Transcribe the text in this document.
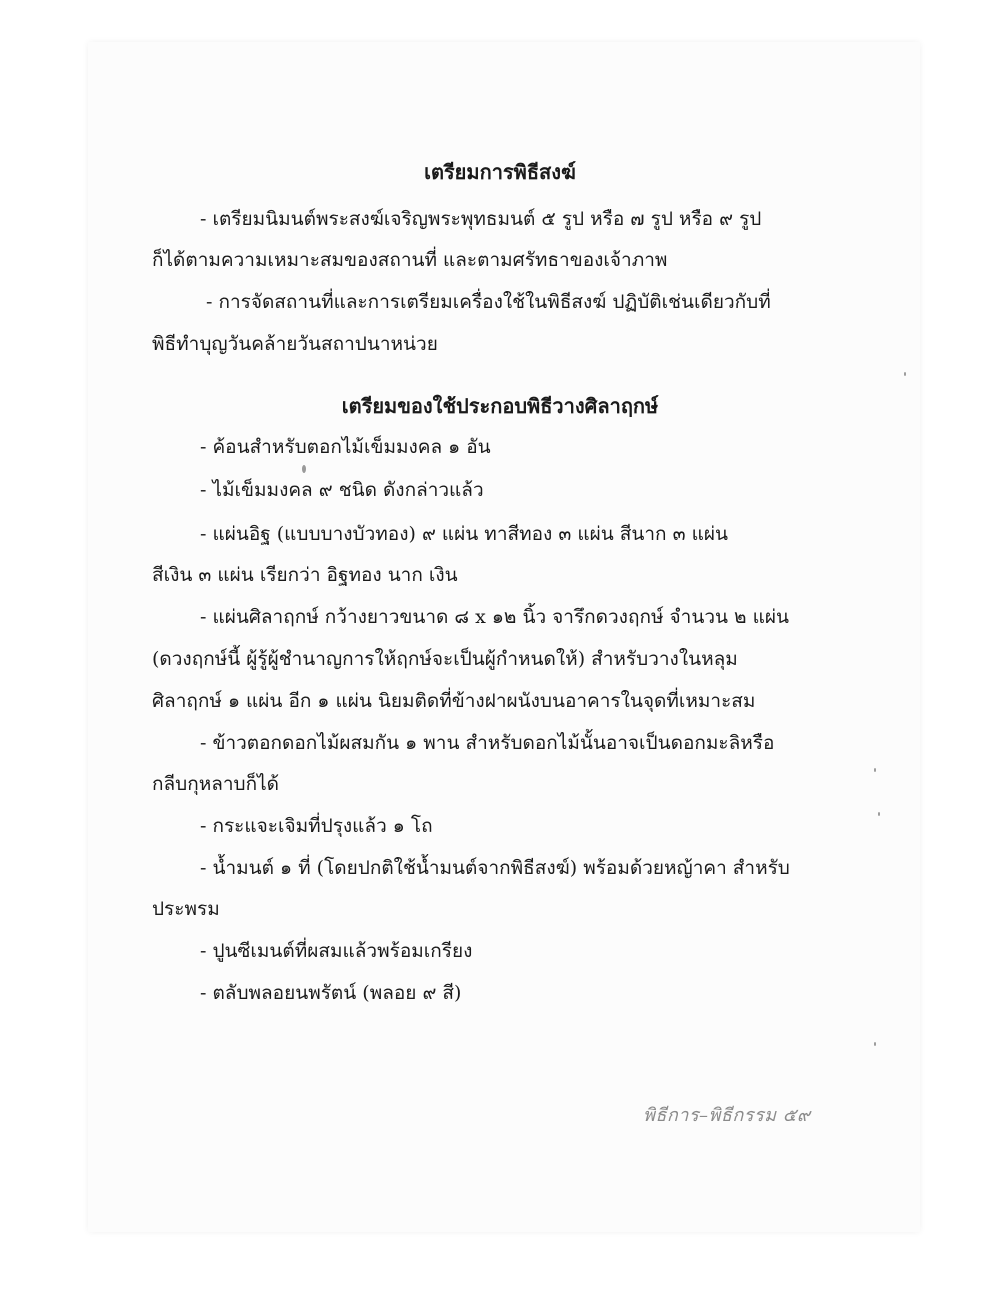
เตรียมการพิธีสงฆ์
- เตรียมนิมนต์พระสงฆ์เจริญพระพุทธมนต์ ๕ รูป หรือ ๗ รูป หรือ ๙ รูป
ก็ได้ตามความเหมาะสมของสถานที่ และตามศรัทธาของเจ้าภาพ
- การจัดสถานที่และการเตรียมเครื่องใช้ในพิธีสงฆ์ ปฏิบัติเช่นเดียวกับที่
พิธีทำบุญวันคล้ายวันสถาปนาหน่วย
เตรียมของใช้ประกอบพิธีวางศิลาฤกษ์
- ค้อนสำหรับตอกไม้เข็มมงคล ๑ อัน
- ไม้เข็มมงคล ๙ ชนิด ดังกล่าวแล้ว
- แผ่นอิฐ (แบบบางบัวทอง) ๙ แผ่น ทาสีทอง ๓ แผ่น สีนาก ๓ แผ่น
สีเงิน ๓ แผ่น เรียกว่า อิฐทอง นาก เงิน
- แผ่นศิลาฤกษ์ กว้างยาวขนาด ๘ x ๑๒ นิ้ว จารึกดวงฤกษ์ จำนวน ๒ แผ่น
(ดวงฤกษ์นี้ ผู้รู้ผู้ชำนาญการให้ฤกษ์จะเป็นผู้กำหนดให้) สำหรับวางในหลุม
ศิลาฤกษ์ ๑ แผ่น อีก ๑ แผ่น นิยมติดที่ข้างฝาผนังบนอาคารในจุดที่เหมาะสม
- ข้าวตอกดอกไม้ผสมกัน ๑ พาน สำหรับดอกไม้นั้นอาจเป็นดอกมะลิหรือ
กลีบกุหลาบก็ได้
- กระแจะเจิมที่ปรุงแล้ว ๑ โถ
- น้ำมนต์ ๑ ที่ (โดยปกติใช้น้ำมนต์จากพิธีสงฆ์) พร้อมด้วยหญ้าคา สำหรับ
ประพรม
- ปูนซีเมนต์ที่ผสมแล้วพร้อมเกรียง
- ตลับพลอยนพรัตน์ (พลอย ๙ สี)
พิธีการ–พิธีกรรม ๕๙
